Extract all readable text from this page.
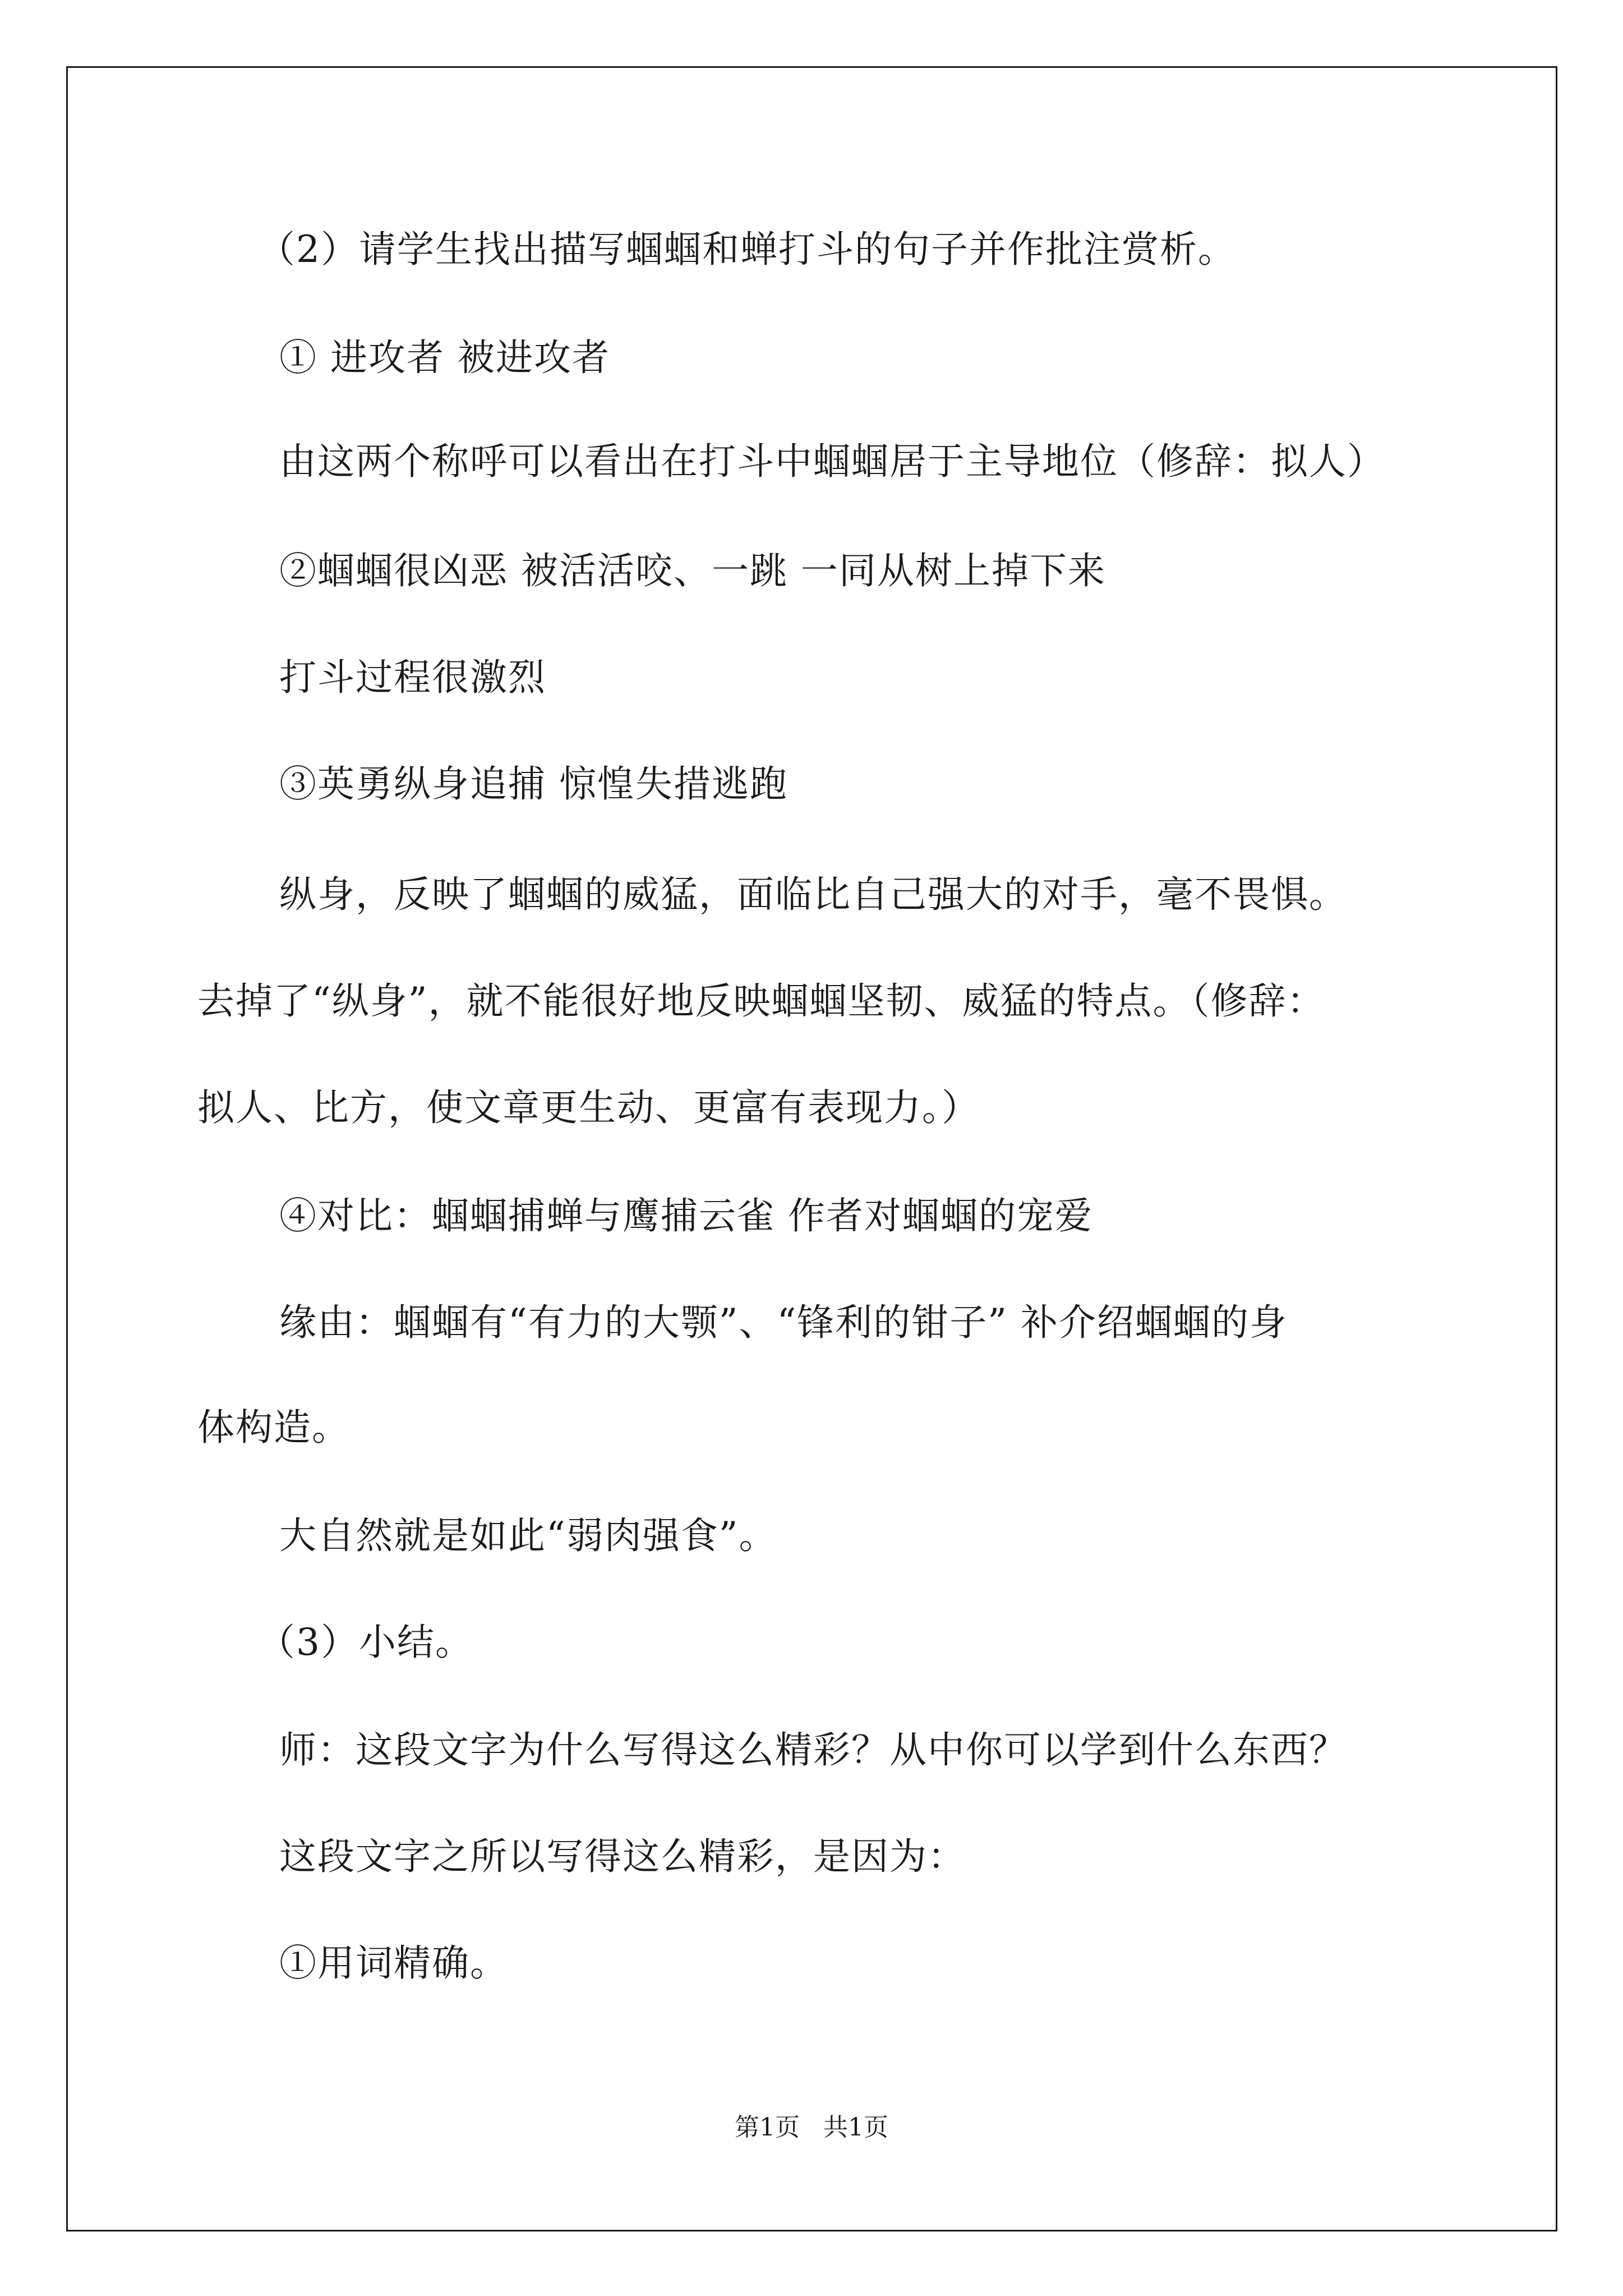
（2）请学生找出描写蝈蝈和蝉打斗的句子并作批注赏析。
① 进攻者 被进攻者
由这两个称呼可以看出在打斗中蝈蝈居于主导地位（修辞：拟人）
②蝈蝈很凶恶 被活活咬、一跳 一同从树上掉下来
打斗过程很激烈
③英勇纵身追捕 惊惶失措逃跑
纵身，反映了蝈蝈的威猛，面临比自己强大的对手，毫不畏惧。
去掉了“纵身”，就不能很好地反映蝈蝈坚韧、威猛的特点。（修辞：
拟人、比方，使文章更生动、更富有表现力。）
④对比：蝈蝈捕蝉与鹰捕云雀 作者对蝈蝈的宠爱
缘由：蝈蝈有“有力的大颚”、“锋利的钳子” 补介绍蝈蝈的身
体构造。
大自然就是如此“弱肉强食”。
（3）小结。
师：这段文字为什么写得这么精彩？从中你可以学到什么东西？
这段文字之所以写得这么精彩，是因为：
①用词精确。
第1页   共1页
